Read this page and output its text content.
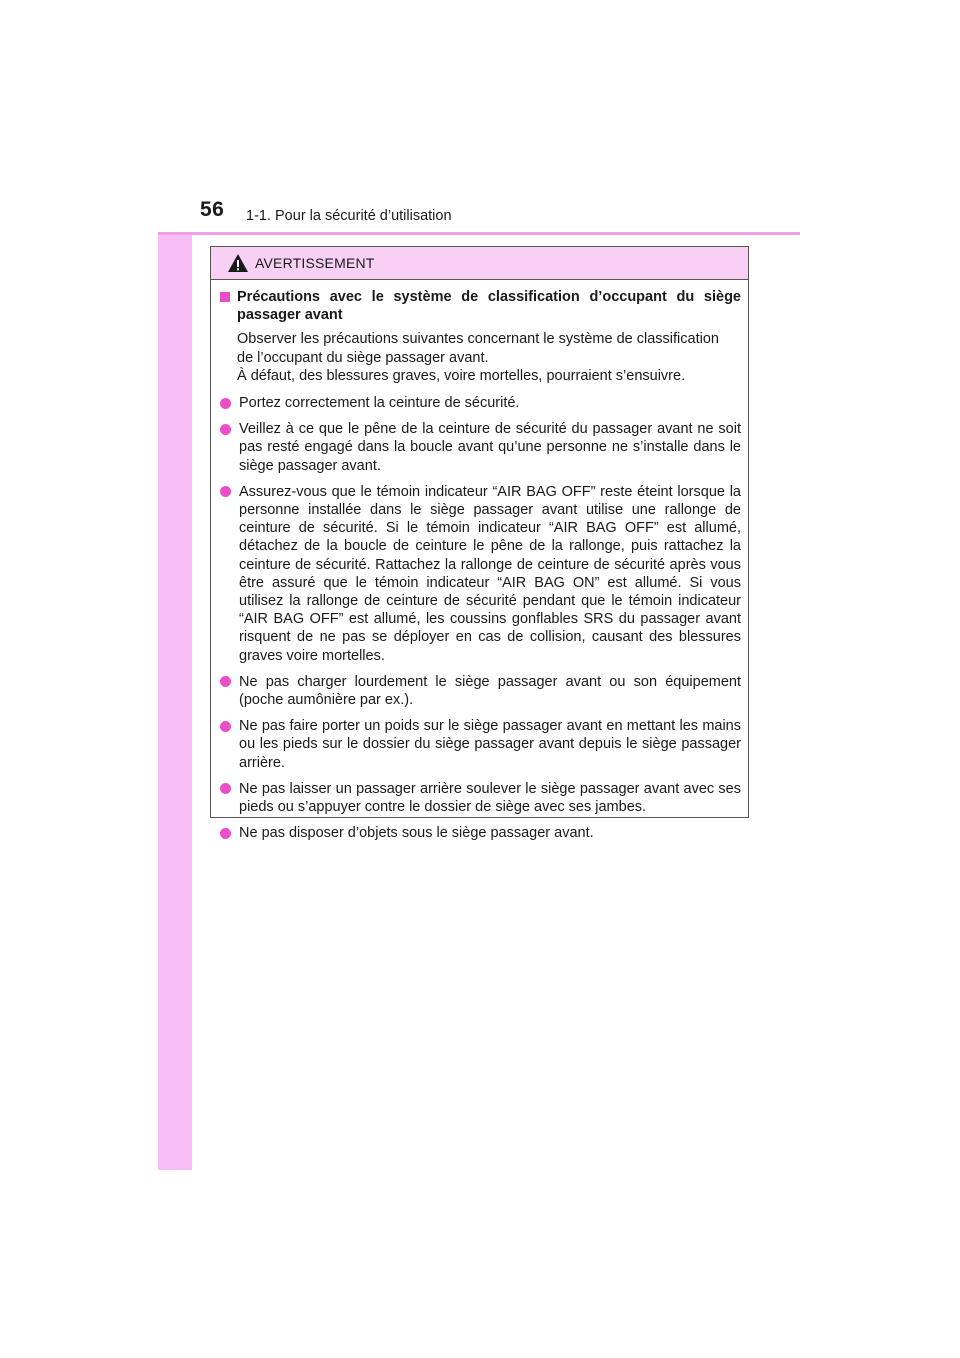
56 1-1. Pour la sécurité d’utilisation
AVERTISSEMENT
Précautions avec le système de classification d’occupant du siège
passager avant
Observer les précautions suivantes concernant le système de classification
de l’occupant du siège passager avant.
À défaut, des blessures graves, voire mortelles, pourraient s’ensuivre.
Portez correctement la ceinture de sécurité.
Veillez à ce que le pêne de la ceinture de sécurité du passager avant ne soit pas resté engagé dans la boucle avant qu’une personne ne s’installe dans le siège passager avant.
Assurez-vous que le témoin indicateur “AIR BAG OFF” reste éteint lorsque la personne installée dans le siège passager avant utilise une rallonge de ceinture de sécurité. Si le témoin indicateur “AIR BAG OFF” est allumé, détachez de la boucle de ceinture le pêne de la rallonge, puis rattachez la ceinture de sécurité. Rattachez la rallonge de ceinture de sécurité après vous être assuré que le témoin indicateur “AIR BAG ON” est allumé. Si vous utilisez la rallonge de ceinture de sécurité pendant que le témoin indicateur “AIR BAG OFF” est allumé, les coussins gonflables SRS du passager avant risquent de ne pas se déployer en cas de collision, causant des blessures graves voire mortelles.
Ne pas charger lourdement le siège passager avant ou son équipement (poche aumônière par ex.).
Ne pas faire porter un poids sur le siège passager avant en mettant les mains ou les pieds sur le dossier du siège passager avant depuis le siège passager arrière.
Ne pas laisser un passager arrière soulever le siège passager avant avec ses pieds ou s’appuyer contre le dossier de siège avec ses jambes.
Ne pas disposer d’objets sous le siège passager avant.
